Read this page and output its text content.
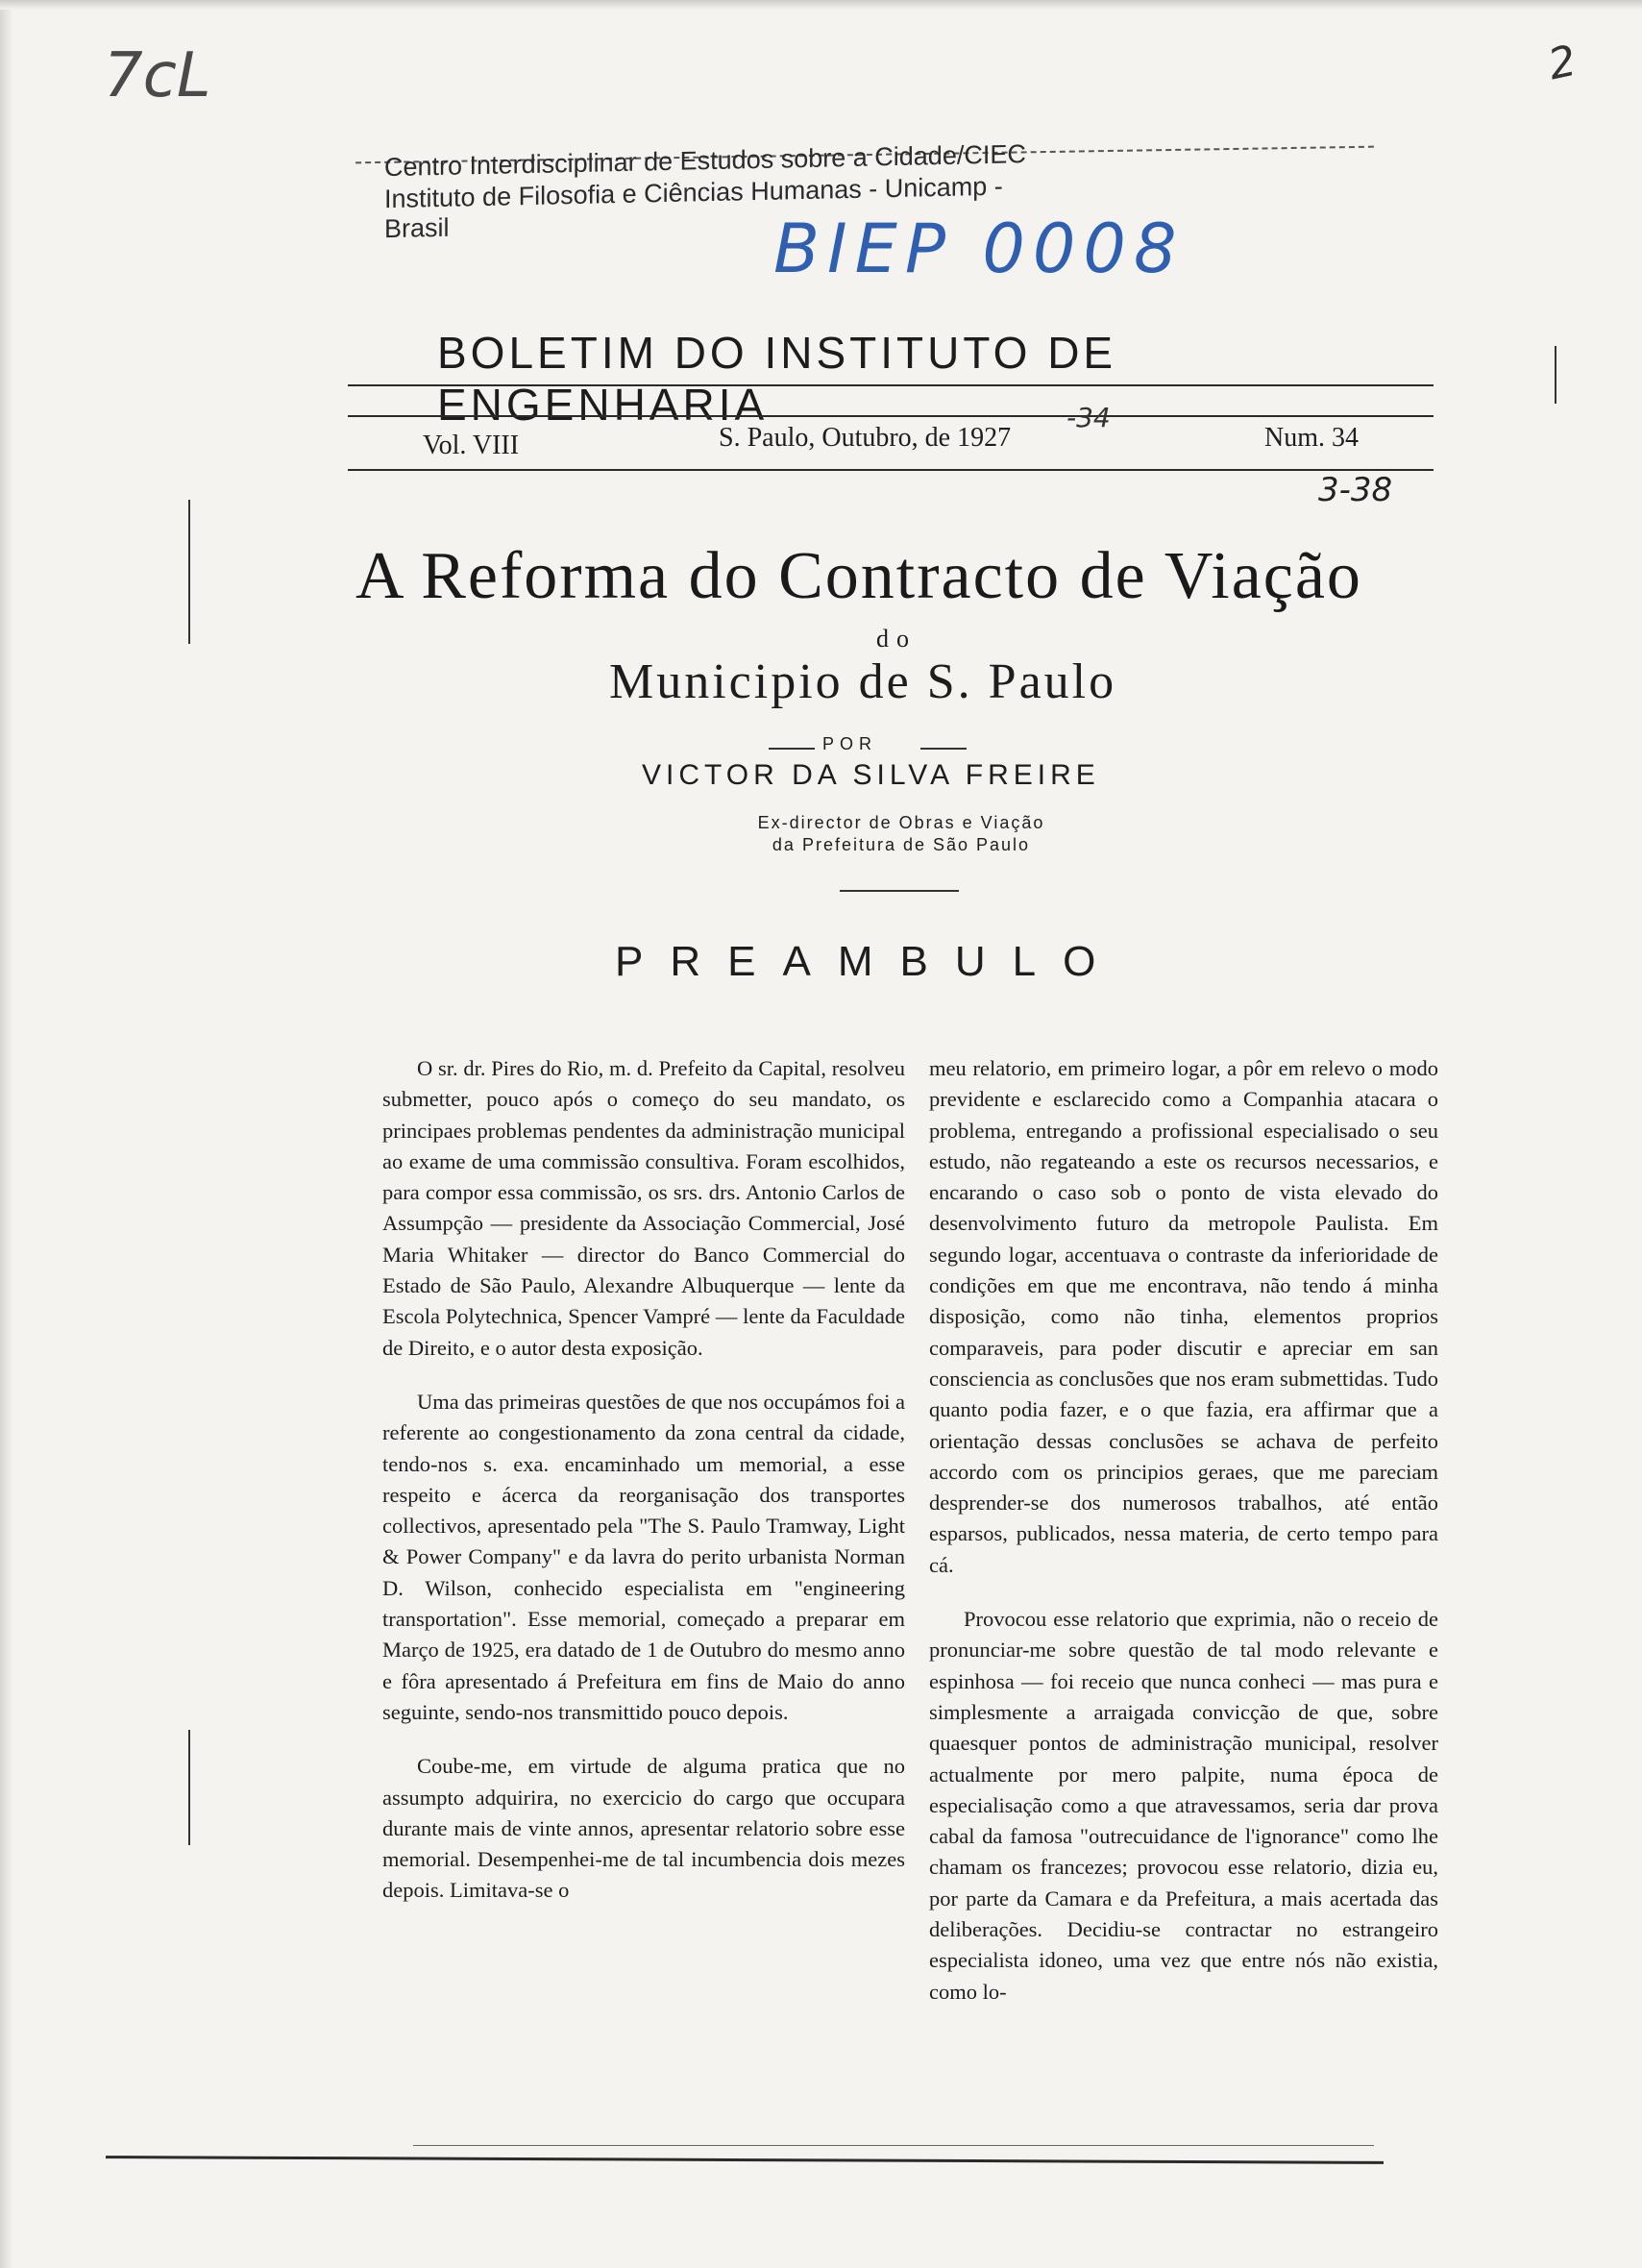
7cL	2
Centro Interdisciplinar de Estudos sobre a Cidade/CIEC
Instituto de Filosofia e Ciências Humanas - Unicamp - Brasil	BIEP 0008
BOLETIM DO INSTITUTO DE ENGENHARIA
Vol. VIII	S. Paulo, Outubro, de 1927
-34
Num. 34
3-38
A Reforma do Contracto de Viação
do
Municipio de S. Paulo
POR
VICTOR DA SILVA FREIRE
Ex-director de Obras e Viação
da Prefeitura de São Paulo
PREAMBULO

O sr. dr. Pires do Rio, m. d. Prefeito da Capital, resolveu submetter, pouco após o começo do seu mandato, os principaes problemas pendentes da administração municipal ao exame de uma commissão consultiva. Foram escolhidos, para compor essa commissão, os srs. drs. Antonio Carlos de Assumpção — presidente da Associação Commercial, José Maria Whitaker — director do Banco Commercial do Estado de São Paulo, Alexandre Albuquerque — lente da Escola Polytechnica, Spencer Vampré — lente da Faculdade de Direito, e o autor desta exposição.

Uma das primeiras questões de que nos occupámos foi a referente ao congestionamento da zona central da cidade, tendo-nos s. exa. encaminhado um memorial, a esse respeito e ácerca da reorganisação dos transportes collectivos, apresentado pela "The S. Paulo Tramway, Light & Power Company" e da lavra do perito urbanista Norman D. Wilson, conhecido especialista em "engineering transportation". Esse memorial, começado a preparar em Março de 1925, era datado de 1 de Outubro do mesmo anno e fôra apresentado á Prefeitura em fins de Maio do anno seguinte, sendo-nos transmittido pouco depois.

Coube-me, em virtude de alguma pratica que no assumpto adquirira, no exercicio do cargo que occupara durante mais de vinte annos, apresentar relatorio sobre esse memorial. Desempenhei-me de tal incumbencia dois mezes depois. Limitava-se o

meu relatorio, em primeiro logar, a pôr em relevo o modo previdente e esclarecido como a Companhia atacara o problema, entregando a profissional especialisado o seu estudo, não regateando a este os recursos necessarios, e encarando o caso sob o ponto de vista elevado do desenvolvimento futuro da metropole Paulista. Em segundo logar, accentuava o contraste da inferioridade de condições em que me encontrava, não tendo á minha disposição, como não tinha, elementos proprios comparaveis, para poder discutir e apreciar em san consciencia as conclusões que nos eram submettidas. Tudo quanto podia fazer, e o que fazia, era affirmar que a orientação dessas conclusões se achava de perfeito accordo com os principios geraes, que me pareciam desprender-se dos numerosos trabalhos, até então esparsos, publicados, nessa materia, de certo tempo para cá.

Provocou esse relatorio que exprimia, não o receio de pronunciar-me sobre questão de tal modo relevante e espinhosa — foi receio que nunca conheci — mas pura e simplesmente a arraigada convicção de que, sobre quaesquer pontos de administração municipal, resolver actualmente por mero palpite, numa época de especialisação como a que atravessamos, seria dar prova cabal da famosa "outrecuidance de l'ignorance" como lhe chamam os francezes; provocou esse relatorio, dizia eu, por parte da Camara e da Prefeitura, a mais acertada das deliberações. Decidiu-se contractar no estrangeiro especialista idoneo, uma vez que entre nós não existia, como lo-
